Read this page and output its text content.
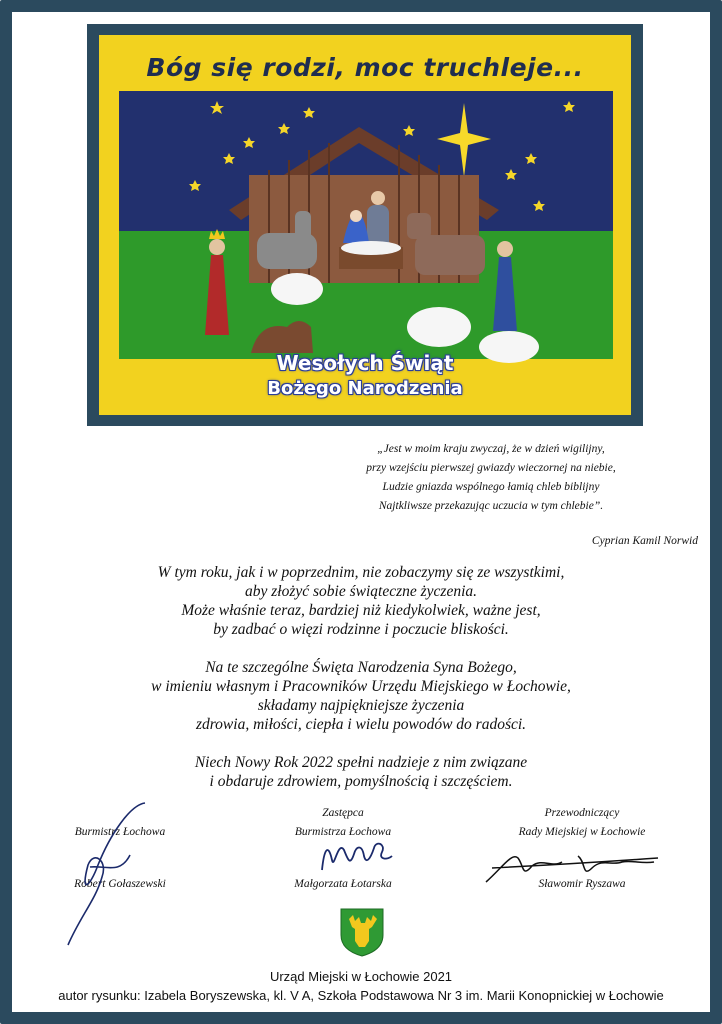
Bóg się rodzi, moc truchleje...
Wesołych Świąt
Bożego Narodzenia
„Jest w moim kraju zwyczaj, że w dzień wigilijny,
przy wzejściu pierwszej gwiazdy wieczornej na niebie,
Ludzie gniazda wspólnego łamią chleb biblijny
Najtkliwsze przekazując uczucia w tym chlebie”.
Cyprian Kamil Norwid
W tym roku, jak i w poprzednim, nie zobaczymy się ze wszystkimi,
aby złożyć sobie świąteczne życzenia.
Może właśnie teraz, bardziej niż kiedykolwiek, ważne jest,
by zadbać o więzi rodzinne i poczucie bliskości.
Na te szczególne Święta Narodzenia Syna Bożego,
w imieniu własnym i Pracowników Urzędu Miejskiego w Łochowie,
składamy najpiękniejsze życzenia
zdrowia, miłości, ciepła i wielu powodów do radości.
Niech Nowy Rok 2022 spełni nadzieje z nim związane
i obdaruje zdrowiem, pomyślnością i szczęściem.
Burmistrz Łochowa
Robert Gołaszewski
Zastępca
Burmistrza Łochowa
Małgorzata Łotarska
Przewodniczący
Rady Miejskiej w Łochowie
Sławomir Ryszawa
Urząd Miejski w Łochowie 2021
autor rysunku: Izabela Boryszewska, kl. V A, Szkoła Podstawowa Nr 3 im. Marii Konopnickiej w Łochowie
